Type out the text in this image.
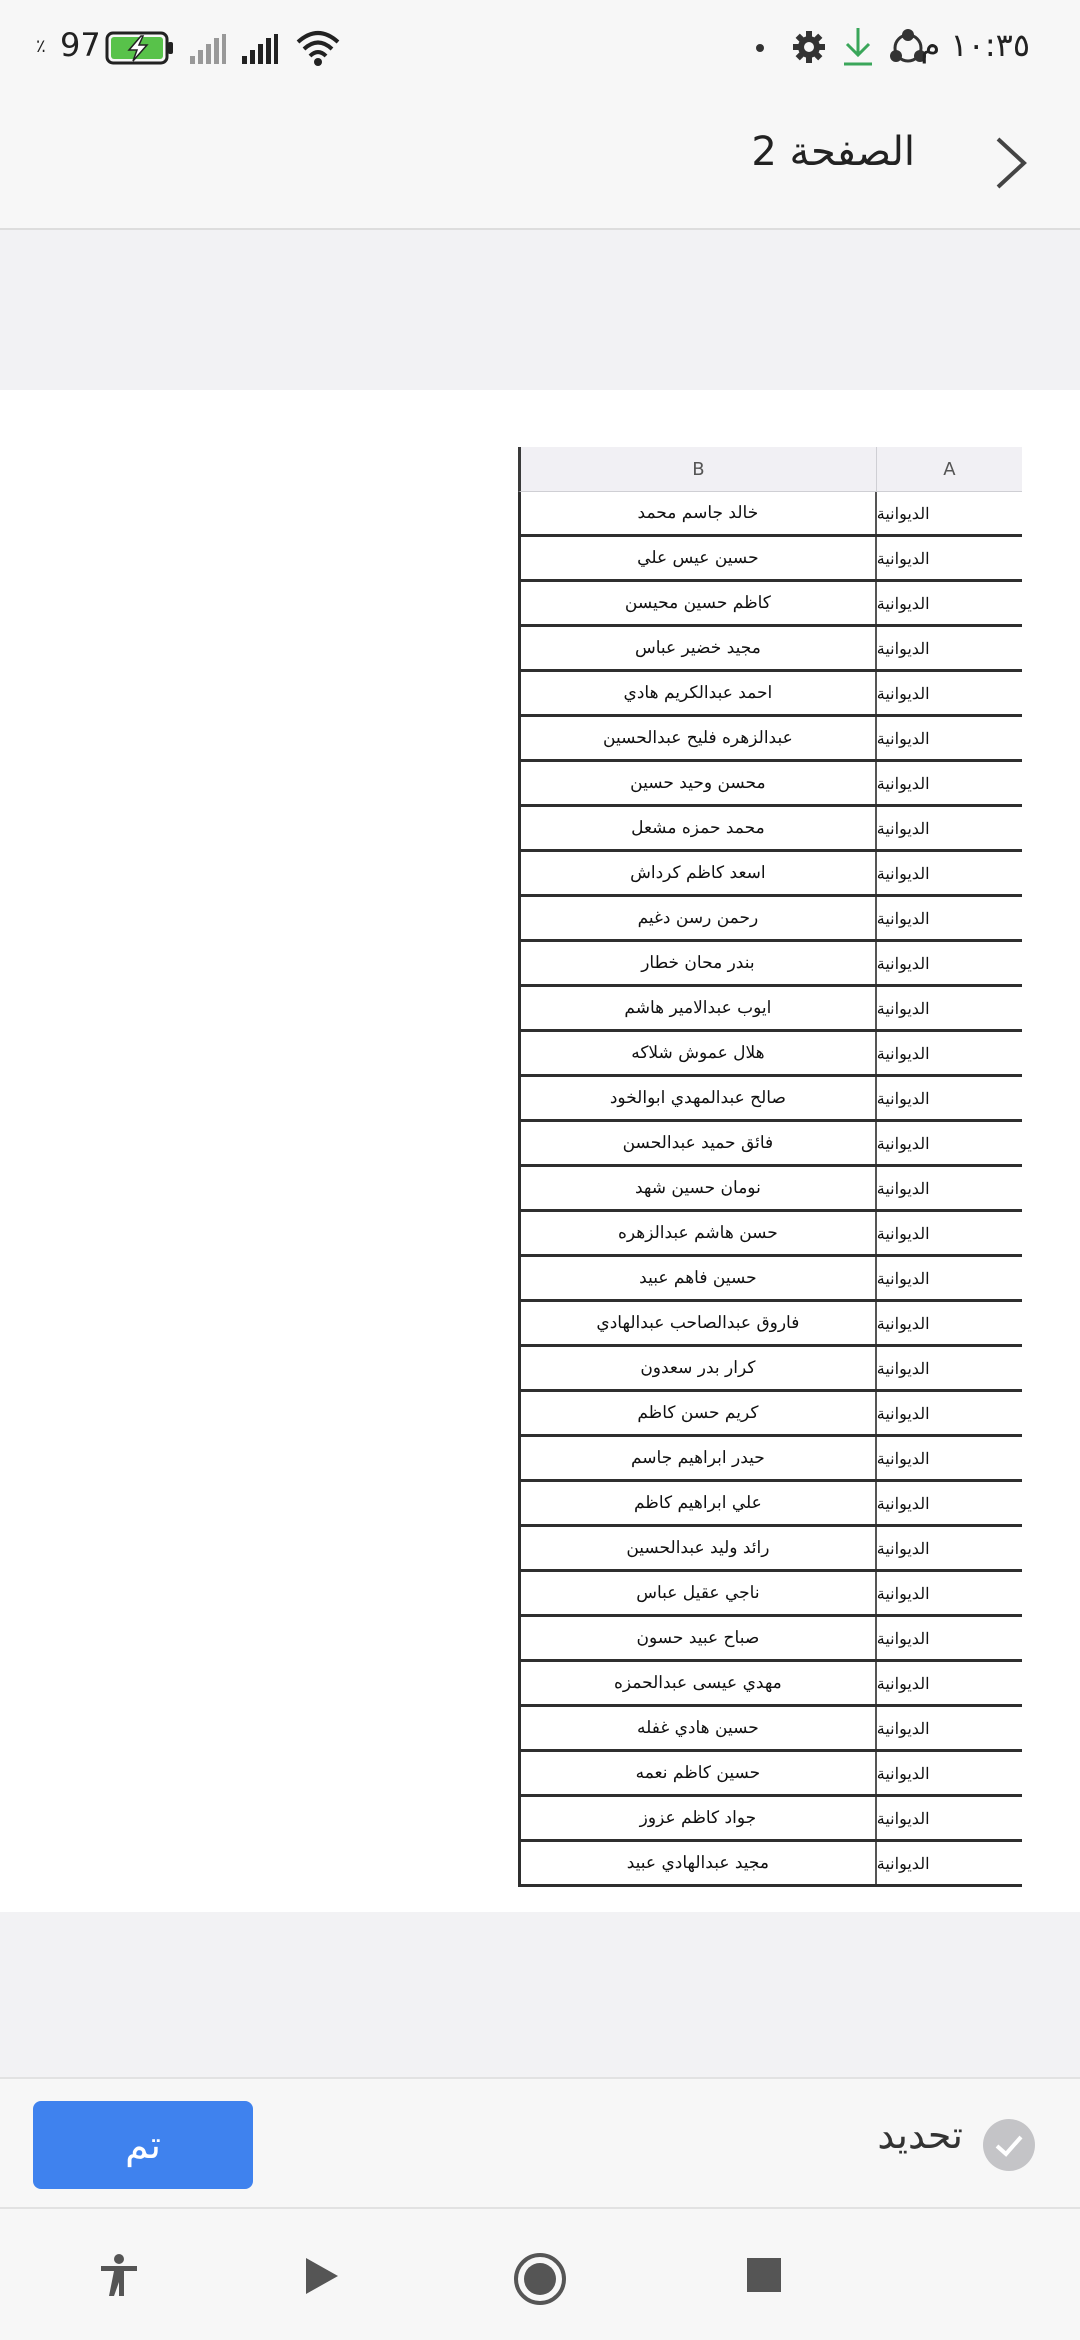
٪ 97	١٠:٣٥ م
الصفحة 2
B	A
خالد جاسم محمد	الديوانية
حسين عيس علي	الديوانية
كاظم حسين محيسن	الديوانية
مجيد خضير عباس	الديوانية
احمد عبدالكريم هادي	الديوانية
عبدالزهره فليح عبدالحسين	الديوانية
محسن وحيد حسين	الديوانية
محمد حمزه مشعل	الديوانية
اسعد كاظم كرداش	الديوانية
رحمن رسن دغيم	الديوانية
بندر محان خطار	الديوانية
ايوب عبدالامير هاشم	الديوانية
هلال عموش شلاكه	الديوانية
صالح عبدالمهدي ابوالخود	الديوانية
فائق حميد عبدالحسن	الديوانية
نومان حسين شهد	الديوانية
حسن هاشم عبدالزهره	الديوانية
حسين فاهم عبيد	الديوانية
فاروق عبدالصاحب عبدالهادي	الديوانية
كرار بدر سعدون	الديوانية
كريم حسن كاظم	الديوانية
حيدر ابراهيم جاسم	الديوانية
علي ابراهيم كاظم	الديوانية
رائد وليد عبدالحسين	الديوانية
ناجي عقيل عباس	الديوانية
صباح عبيد حسون	الديوانية
مهدي عيسى عبدالحمزه	الديوانية
حسين هادي غفله	الديوانية
حسين كاظم نعمه	الديوانية
جواد كاظم عزوز	الديوانية
مجيد عبدالهادي عبيد	الديوانية
تم	تحديد
